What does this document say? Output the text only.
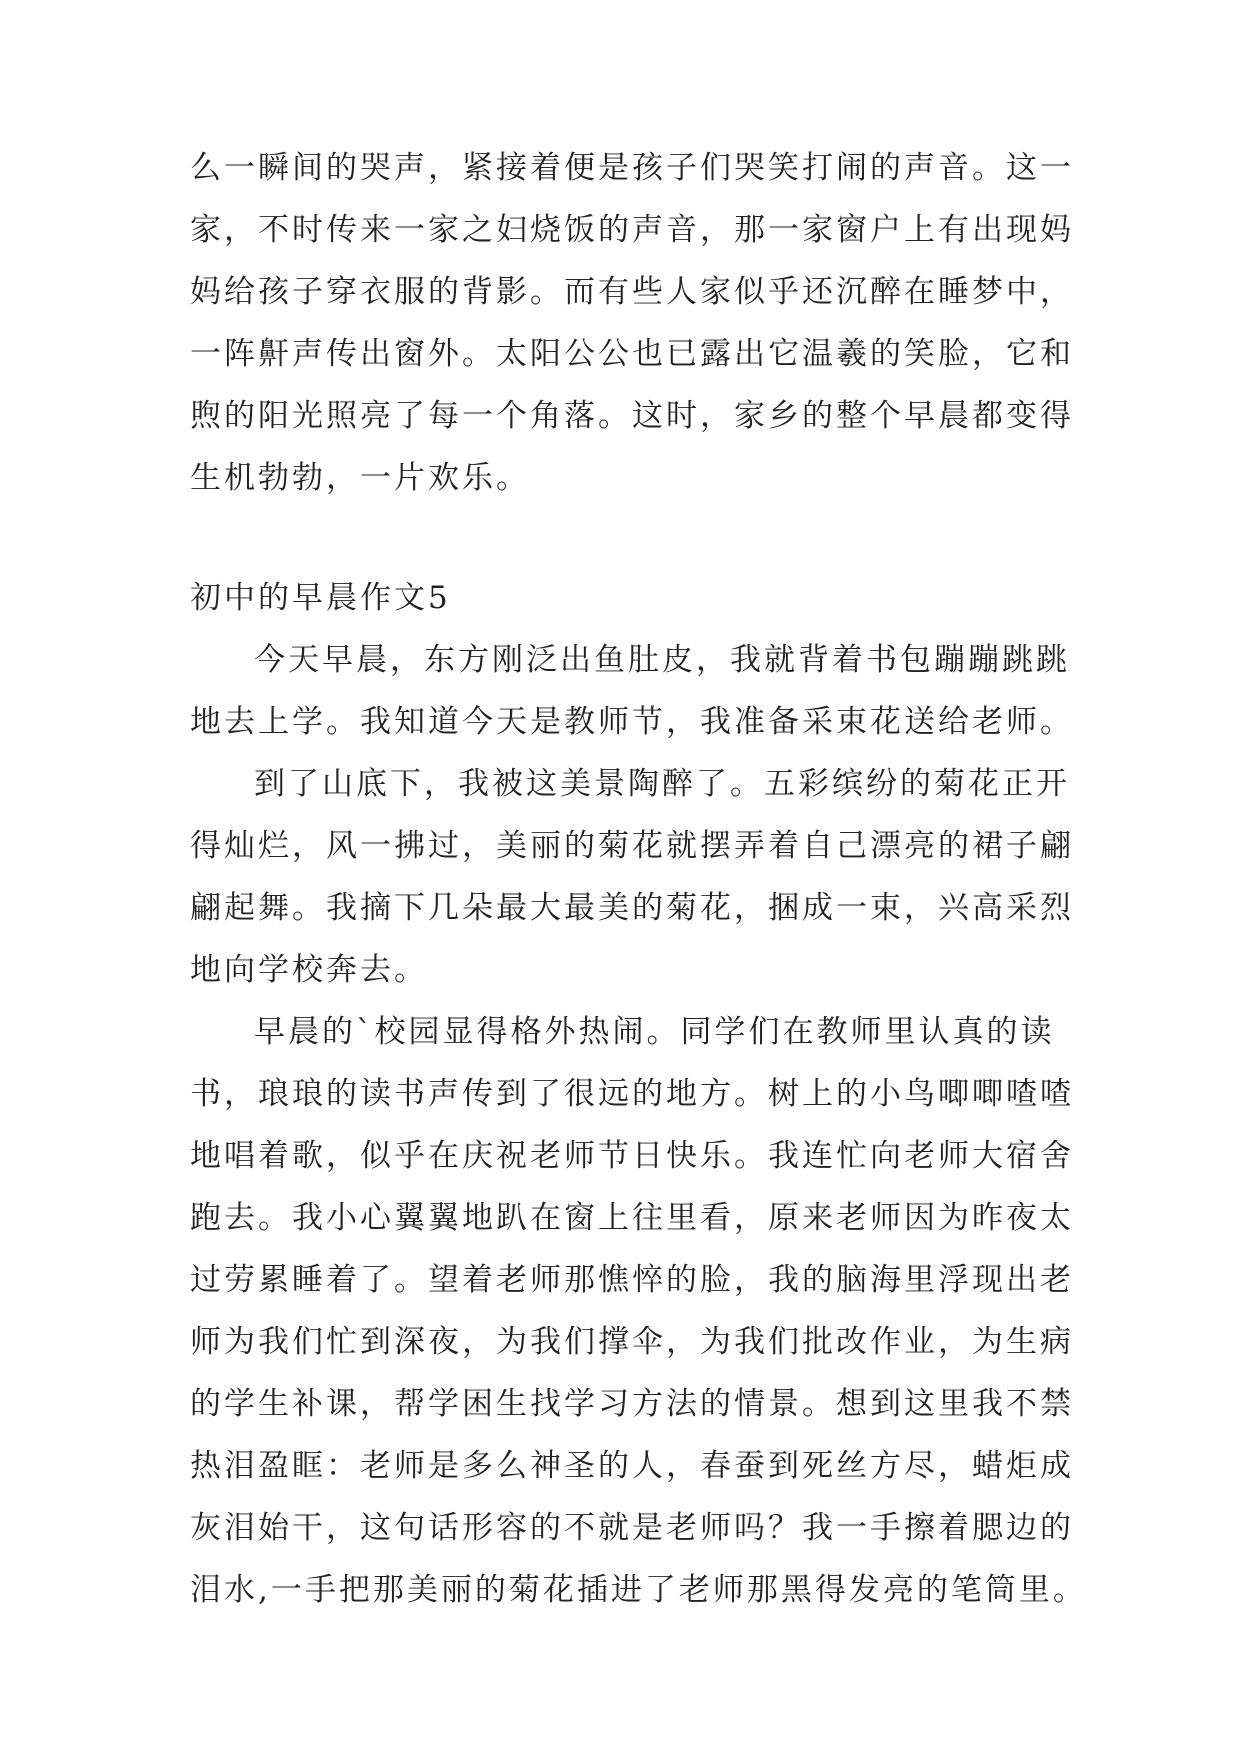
么一瞬间的哭声，紧接着便是孩子们哭笑打闹的声音。这一
家，不时传来一家之妇烧饭的声音，那一家窗户上有出现妈
妈给孩子穿衣服的背影。而有些人家似乎还沉醉在睡梦中，
一阵鼾声传出窗外。太阳公公也已露出它温羲的笑脸，它和
煦的阳光照亮了每一个角落。这时，家乡的整个早晨都变得
生机勃勃，一片欢乐。
初中的早晨作文5
今天早晨，东方刚泛出鱼肚皮，我就背着书包蹦蹦跳跳
地去上学。我知道今天是教师节，我准备采束花送给老师。
到了山底下，我被这美景陶醉了。五彩缤纷的菊花正开
得灿烂，风一拂过，美丽的菊花就摆弄着自己漂亮的裙子翩
翩起舞。我摘下几朵最大最美的菊花，捆成一束，兴高采烈
地向学校奔去。
早晨的`校园显得格外热闹。同学们在教师里认真的读
书，琅琅的读书声传到了很远的地方。树上的小鸟唧唧喳喳
地唱着歌，似乎在庆祝老师节日快乐。我连忙向老师大宿舍
跑去。我小心翼翼地趴在窗上往里看，原来老师因为昨夜太
过劳累睡着了。望着老师那憔悴的脸，我的脑海里浮现出老
师为我们忙到深夜，为我们撑伞，为我们批改作业，为生病
的学生补课，帮学困生找学习方法的情景。想到这里我不禁
热泪盈眶：老师是多么神圣的人，春蚕到死丝方尽，蜡炬成
灰泪始干，这句话形容的不就是老师吗？我一手擦着腮边的
泪水,一手把那美丽的菊花插进了老师那黑得发亮的笔筒里。
